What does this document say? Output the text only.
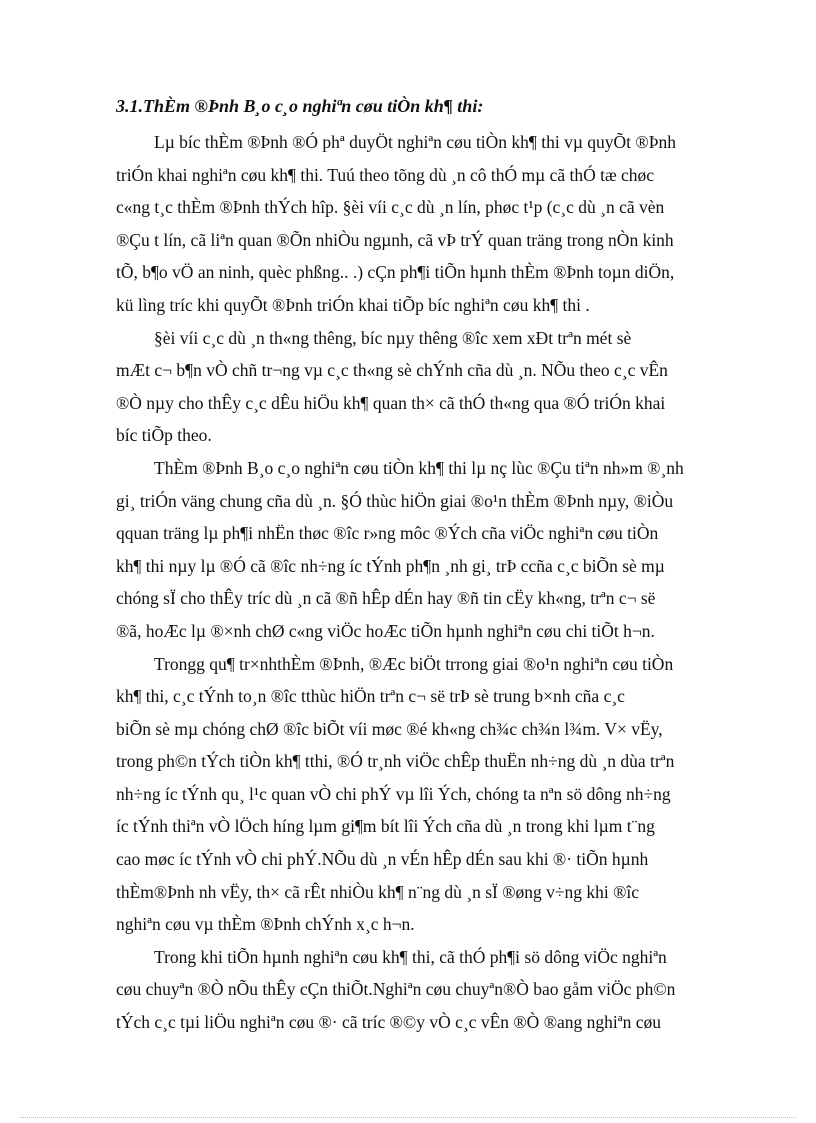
3.1.ThÈm ®Þnh B¸o c¸o nghiªn cøu tiÒn kh¶ thi:
Lµ bíc thÈm ®Þnh ®Ó phª duyÖt nghiªn cøu tiÒn kh¶ thi vµ quyÕt ®Þnh
triÓn khai nghiªn cøu kh¶ thi. Tuú theo tõng dù ¸n cô thÓ mµ cã thÓ tæ chøc
c«ng t¸c thÈm ®Þnh thÝch hîp. §èi víi c¸c dù ¸n lín, phøc t¹p (c¸c dù ¸n cã vèn
®Çu t lín, cã liªn quan ®Õn nhiÒu ngµnh, cã vÞ trÝ quan träng trong nÒn kinh
tÕ, b¶o vÖ an ninh, quèc phßng.. .) cÇn ph¶i tiÕn hµnh thÈm ®Þnh toµn diÖn,
kü lìng tríc khi quyÕt ®Þnh triÓn khai tiÕp bíc nghiªn cøu kh¶ thi .
§èi víi c¸c dù ¸n th«ng thêng, bíc nµy thêng ®îc xem xÐt trªn mét sè
mÆt c¬ b¶n vÒ chñ tr¬ng vµ c¸c th«ng sè chÝnh cña dù ¸n. NÕu theo c¸c vÊn
®Ò nµy cho thÊy c¸c dÊu hiÖu kh¶ quan th× cã thÓ th«ng qua ®Ó triÓn khai
bíc tiÕp theo.
ThÈm ®Þnh B¸o c¸o nghiªn cøu tiÒn kh¶ thi lµ nç lùc ®Çu tiªn nh»m ®¸nh
gi¸ triÓn väng chung cña dù ¸n. §Ó thùc hiÖn giai ®o¹n thÈm ®Þnh nµy, ®iÒu
qquan träng lµ ph¶i nhËn thøc ®îc r»ng môc ®Ých cña viÖc nghiªn cøu tiÒn
kh¶ thi nµy lµ ®Ó cã ®îc nh÷ng íc tÝnh ph¶n ¸nh gi¸ trÞ ccña c¸c biÕn sè mµ
chóng sÏ cho thÊy tríc dù ¸n cã ®ñ hÊp dÉn hay ®ñ tin cËy kh«ng, trªn c¬ së
®ã, hoÆc lµ ®×nh chØ c«ng viÖc hoÆc tiÕn hµnh nghiªn cøu chi tiÕt h¬n.
Trongg qu¶ tr×nhthÈm ®Þnh, ®Æc biÖt trrong giai ®o¹n nghiªn cøu tiÒn
kh¶ thi, c¸c tÝnh to¸n ®îc tthùc hiÖn trªn c¬ së trÞ sè trung b×nh cña c¸c
biÕn sè mµ chóng chØ ®îc biÕt víi møc ®é kh«ng ch¾c ch¾n l¾m. V× vËy,
trong ph©n tÝch tiÒn kh¶ tthi, ®Ó tr¸nh viÖc chÊp thuËn nh÷ng dù ¸n dùa trªn
nh÷ng íc tÝnh qu¸ l¹c quan vÒ chi phÝ vµ lîi Ých, chóng ta nªn sö dông nh÷ng
íc tÝnh thiªn vÒ lÖch híng lµm gi¶m bít lîi Ých cña dù ¸n trong khi lµm t¨ng
cao møc íc tÝnh vÒ chi phÝ.NÕu dù ¸n vÉn hÊp dÉn sau khi ®· tiÕn hµnh
thÈm®Þnh nh vËy, th× cã rÊt nhiÒu kh¶ n¨ng dù ¸n sÏ ®øng v÷ng khi ®îc
nghiªn cøu vµ thÈm ®Þnh chÝnh x¸c h¬n.
Trong khi tiÕn hµnh nghiªn cøu kh¶ thi, cã thÓ ph¶i sö dông viÖc nghiªn
cøu chuyªn ®Ò nÕu thÊy cÇn thiÕt.Nghiªn cøu chuyªn®Ò bao gåm viÖc ph©n
tÝch c¸c tµi liÖu nghiªn cøu ®· cã tríc ®©y vÒ c¸c vÊn ®Ò ®ang nghiªn cøu
